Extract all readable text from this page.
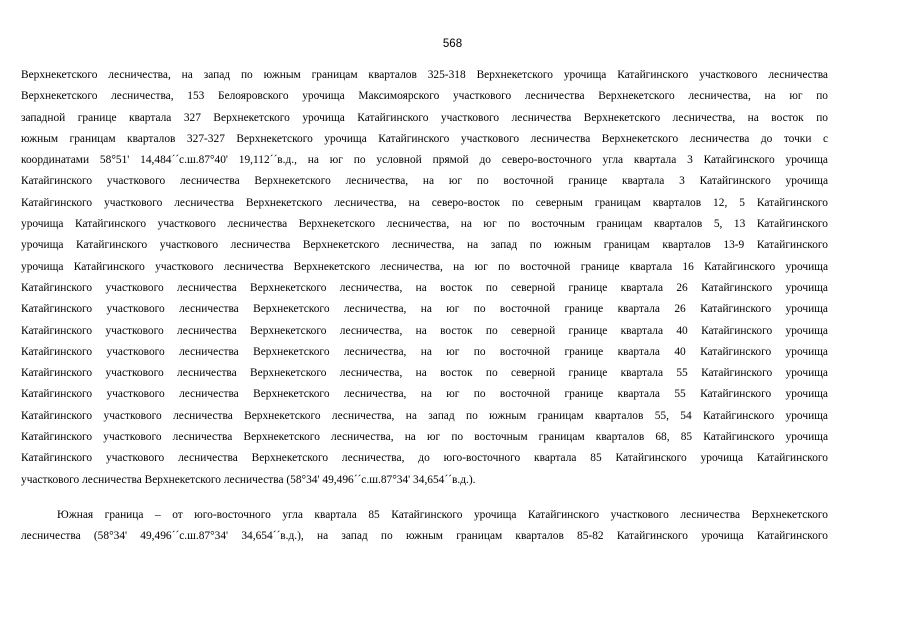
568
Верхнекетского лесничества, на запад по южным границам кварталов 325-318 Верхнекетского урочища Катайгинского участкового лесничества
Верхнекетского лесничества, 153 Белояровского урочища Максимоярского участкового лесничества Верхнекетского лесничества, на юг по
западной границе квартала 327 Верхнекетского урочища Катайгинского участкового лесничества Верхнекетского лесничества, на восток по
южным границам кварталов 327-327 Верхнекетского урочища Катайгинского участкового лесничества Верхнекетского лесничества до точки с
координатами 58°51' 14,484´´с.ш.87°40' 19,112´´в.д., на юг по условной прямой до северо-восточного угла квартала 3 Катайгинского урочища
Катайгинского участкового лесничества Верхнекетского лесничества, на юг по восточной границе квартала 3 Катайгинского урочища
Катайгинского участкового лесничества Верхнекетского лесничества, на северо-восток по северным границам кварталов 12, 5 Катайгинского
урочища Катайгинского участкового лесничества Верхнекетского лесничества, на юг по восточным границам кварталов 5, 13 Катайгинского
урочища Катайгинского участкового лесничества Верхнекетского лесничества, на запад по южным границам кварталов 13-9 Катайгинского
урочища Катайгинского участкового лесничества Верхнекетского лесничества, на юг по восточной границе квартала 16 Катайгинского урочища
Катайгинского участкового лесничества Верхнекетского лесничества, на восток по северной границе квартала 26 Катайгинского урочища
Катайгинского участкового лесничества Верхнекетского лесничества, на юг по восточной границе квартала 26 Катайгинского урочища
Катайгинского участкового лесничества Верхнекетского лесничества, на восток по северной границе квартала 40 Катайгинского урочища
Катайгинского участкового лесничества Верхнекетского лесничества, на юг по восточной границе квартала 40 Катайгинского урочища
Катайгинского участкового лесничества Верхнекетского лесничества, на восток по северной границе квартала 55 Катайгинского урочища
Катайгинского участкового лесничества Верхнекетского лесничества, на юг по восточной границе квартала 55 Катайгинского урочища
Катайгинского участкового лесничества Верхнекетского лесничества, на запад по южным границам кварталов 55, 54 Катайгинского урочища
Катайгинского участкового лесничества Верхнекетского лесничества, на юг по восточным границам кварталов 68, 85 Катайгинского урочища
Катайгинского участкового лесничества Верхнекетского лесничества, до юго-восточного квартала 85 Катайгинского урочища Катайгинского
участкового лесничества Верхнекетского лесничества (58°34' 49,496´´с.ш.87°34' 34,654´´в.д.).
Южная граница – от юго-восточного угла квартала 85 Катайгинского урочища Катайгинского участкового лесничества Верхнекетского
лесничества (58°34' 49,496´´с.ш.87°34' 34,654´´в.д.), на запад по южным границам кварталов 85-82 Катайгинского урочища Катайгинского
